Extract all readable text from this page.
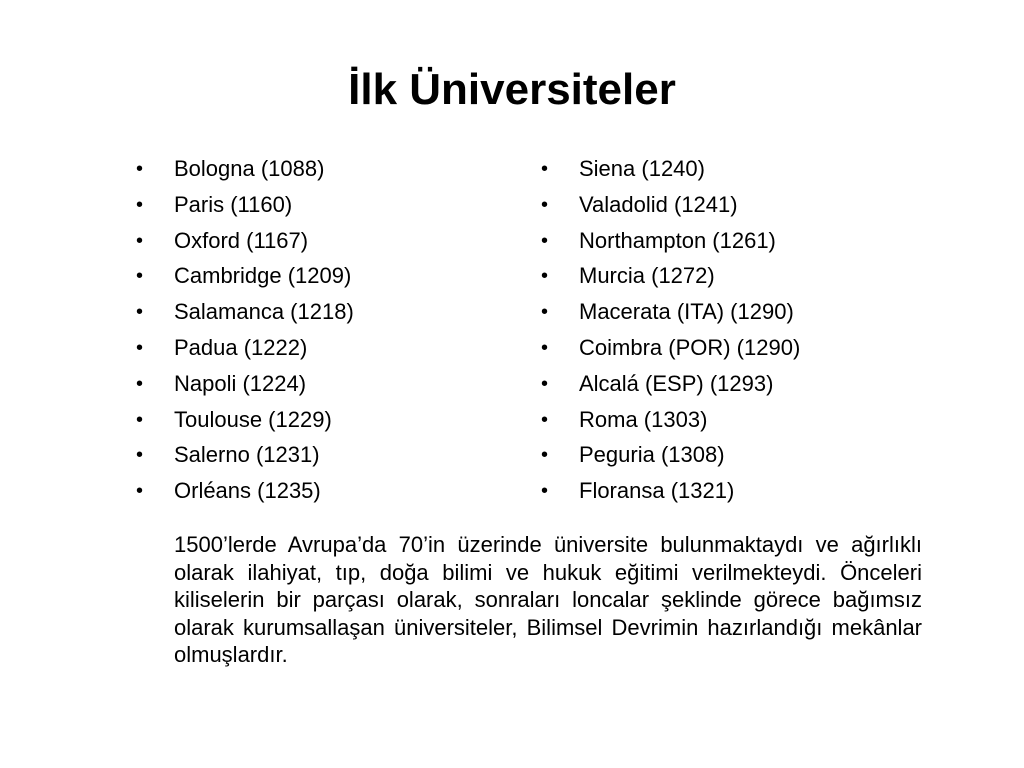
İlk Üniversiteler
• Bologna (1088)
• Paris (1160)
• Oxford (1167)
• Cambridge (1209)
• Salamanca (1218)
• Padua (1222)
• Napoli (1224)
• Toulouse (1229)
• Salerno (1231)
• Orléans (1235)
• Siena (1240)
• Valadolid (1241)
• Northampton (1261)
• Murcia (1272)
• Macerata (ITA) (1290)
• Coimbra (POR) (1290)
• Alcalá (ESP) (1293)
• Roma (1303)
• Peguria (1308)
• Floransa (1321)

1500’lerde Avrupa’da 70’in üzerinde üniversite bulunmaktaydı ve ağırlıklı olarak ilahiyat, tıp, doğa bilimi ve hukuk eğitimi verilmekteydi. Önceleri kiliselerin bir parçası olarak, sonraları loncalar şeklinde görece bağımsız olarak kurumsallaşan üniversiteler, Bilimsel Devrimin hazırlandığı mekânlar olmuşlardır.
